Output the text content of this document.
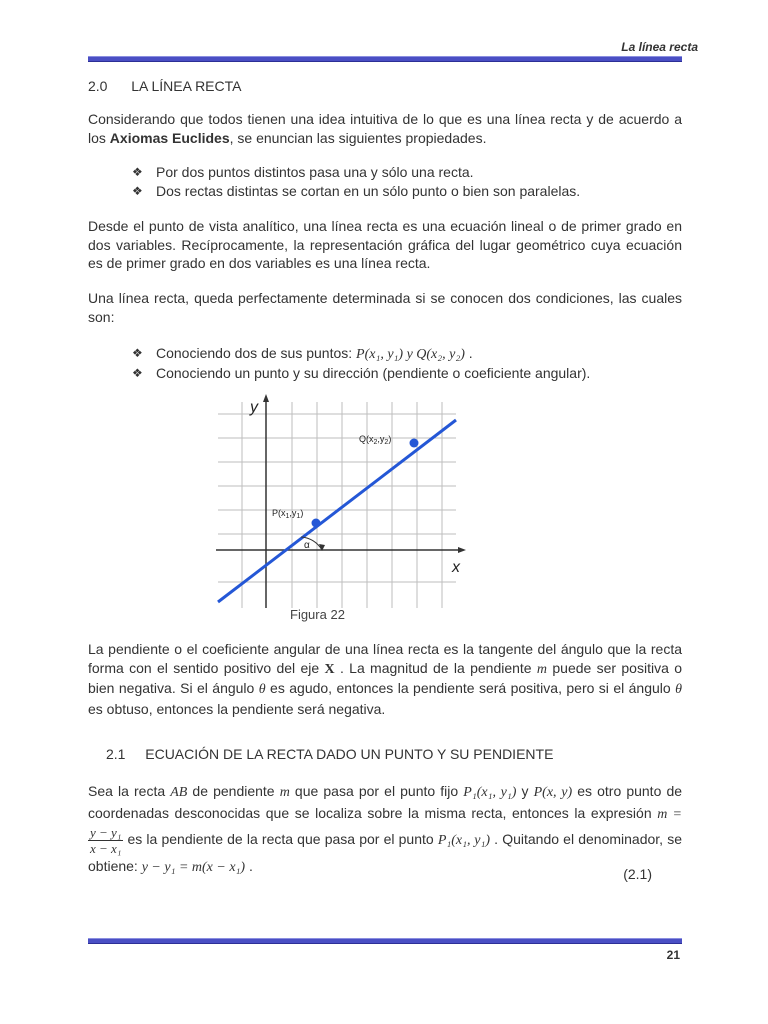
La línea recta
2.0 LA LÍNEA RECTA
Considerando que todos tienen una idea intuitiva de lo que es una línea recta y de acuerdo a los Axiomas Euclides, se enuncian las siguientes propiedades.
❖ Por dos puntos distintos pasa una y sólo una recta.
❖ Dos rectas distintas se cortan en un sólo punto o bien son paralelas.
Desde el punto de vista analítico, una línea recta es una ecuación lineal o de primer grado en dos variables. Recíprocamente, la representación gráfica del lugar geométrico cuya ecuación es de primer grado en dos variables es una línea recta.
Una línea recta, queda perfectamente determinada si se conocen dos condiciones, las cuales son:
❖ Conociendo dos de sus puntos: P(x₁, y₁) y Q(x₂, y₂) .
❖ Conociendo un punto y su dirección (pendiente o coeficiente angular).
y
x
$Q(x_2,y_2)$
$P(x_1,y_1)$
α
Figura 22
La pendiente o el coeficiente angular de una línea recta es la tangente del ángulo que la recta forma con el sentido positivo del eje X . La magnitud de la pendiente m puede ser positiva o bien negativa. Si el ángulo θ es agudo, entonces la pendiente será positiva, pero si el ángulo θ es obtuso, entonces la pendiente será negativa.
2.1 ECUACIÓN DE LA RECTA DADO UN PUNTO Y SU PENDIENTE
Sea la recta AB de pendiente m que pasa por el punto fijo P₁(x₁, y₁) y P(x, y) es otro punto de coordenadas desconocidas que se localiza sobre la misma recta, entonces la expresión m =
$\frac{\text{y − y₁}}{\text{x − x₁}}$ es la pendiente de la recta que pasa por el punto P₁(x₁, y₁) . Quitando el denominador, se obtiene: y − y₁ = m(x − x₁) .	(2.1)
21
